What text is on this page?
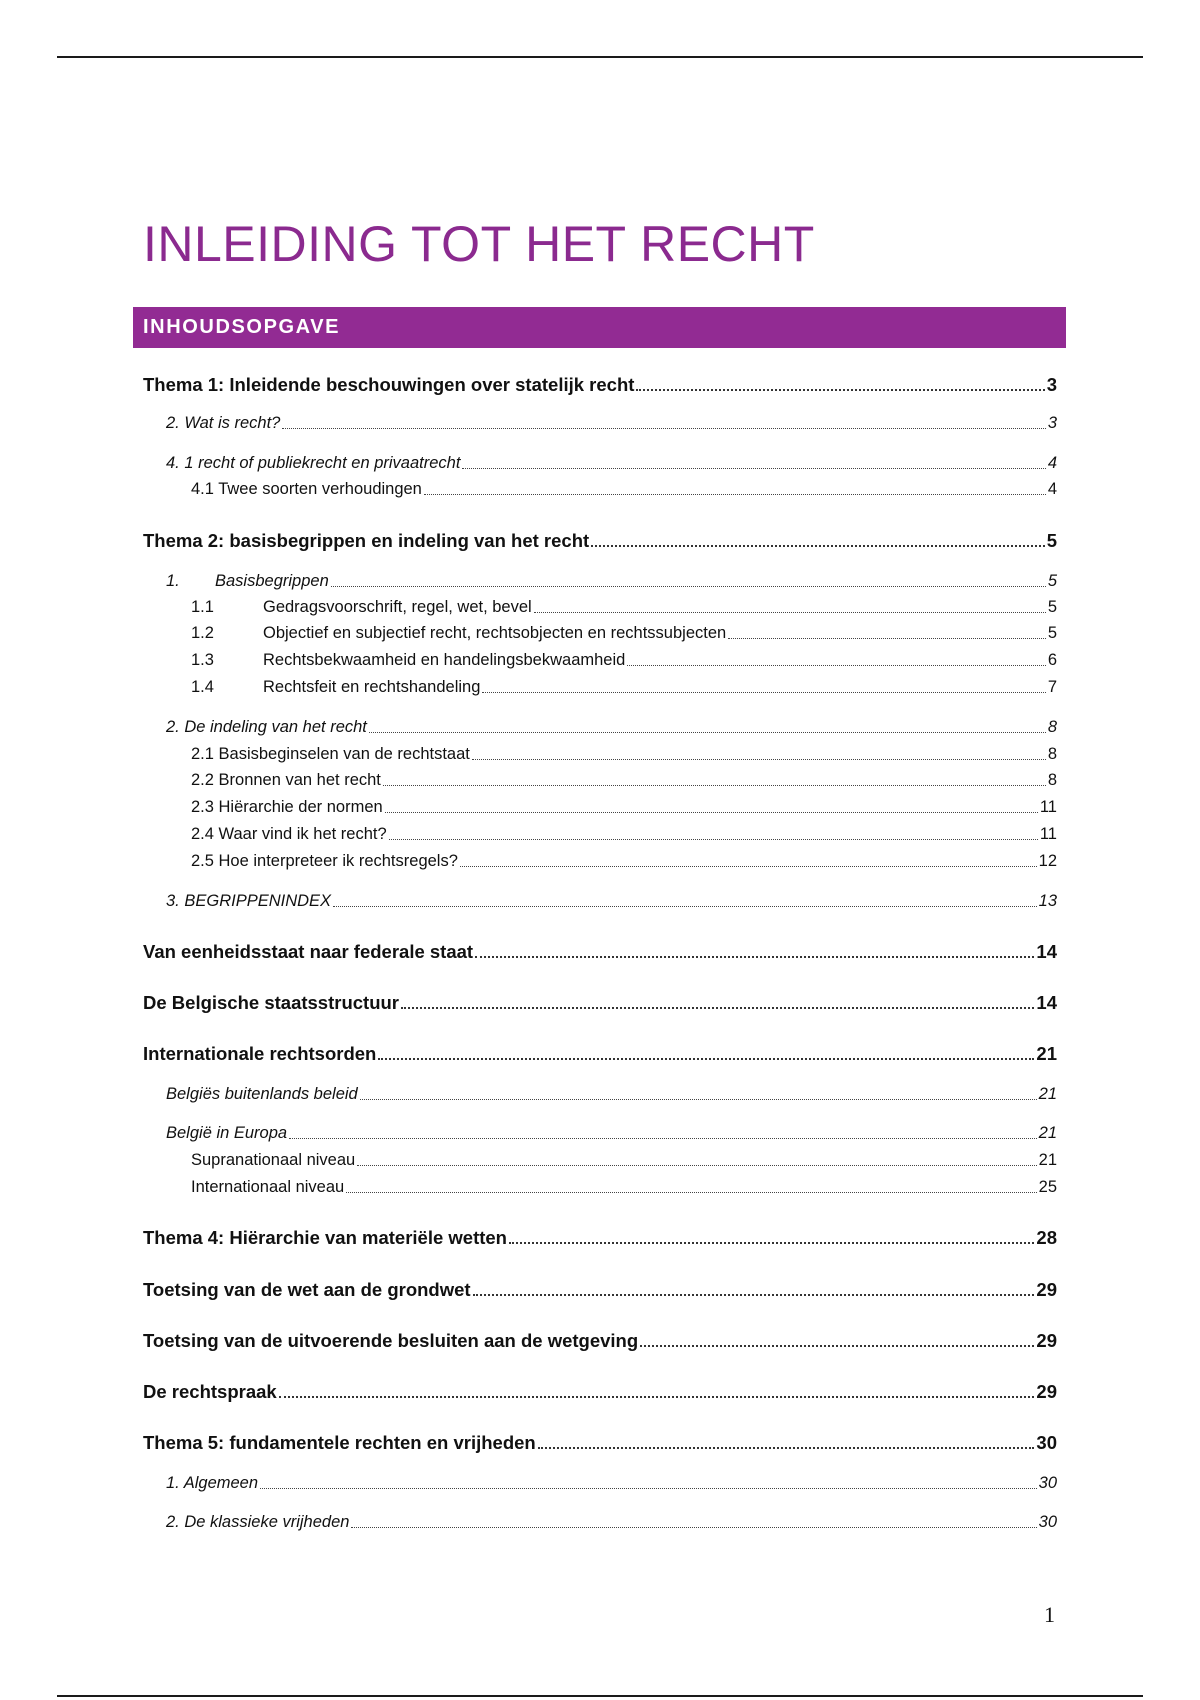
INLEIDING TOT HET RECHT
INHOUDSOPGAVE
Thema 1: Inleidende beschouwingen over statelijk recht	3
2. Wat is recht?	3
4. 1 recht of publiekrecht en privaatrecht	4
4.1 Twee soorten verhoudingen	4
Thema 2: basisbegrippen en indeling van het recht	5
1.	Basisbegrippen	5
1.1	Gedragsvoorschrift, regel, wet, bevel	5
1.2	Objectief en subjectief recht, rechtsobjecten en rechtssubjecten	5
1.3	Rechtsbekwaamheid en handelingsbekwaamheid	6
1.4	Rechtsfeit en rechtshandeling	7
2. De indeling van het recht	8
2.1 Basisbeginselen van de rechtstaat	8
2.2 Bronnen van het recht	8
2.3 Hiërarchie der normen	11
2.4 Waar vind ik het recht?	11
2.5 Hoe interpreteer ik rechtsregels?	12
3. BEGRIPPENINDEX	13
Van eenheidsstaat naar federale staat	14
De Belgische staatsstructuur	14
Internationale rechtsorden	21
Belgiës buitenlands beleid	21
België in Europa	21
Supranationaal niveau	21
Internationaal niveau	25
Thema 4: Hiërarchie van materiële wetten	28
Toetsing van de wet aan de grondwet	29
Toetsing van de uitvoerende besluiten aan de wetgeving	29
De rechtspraak	29
Thema 5: fundamentele rechten en vrijheden	30
1. Algemeen	30
2. De klassieke vrijheden	30
1
